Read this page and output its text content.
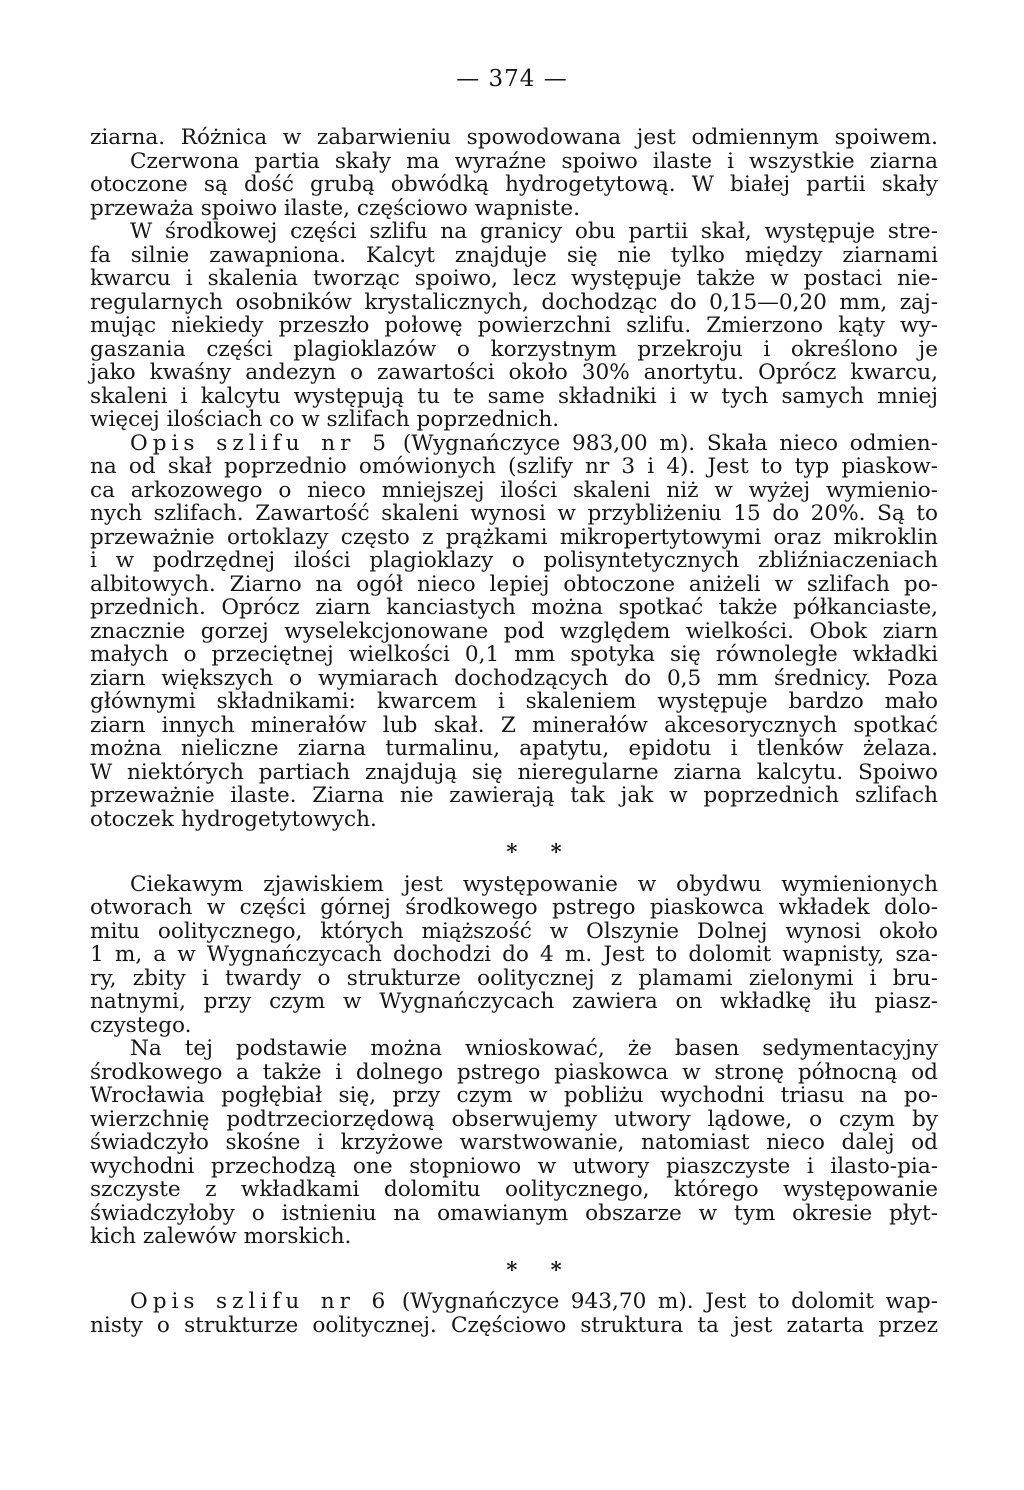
— 374 —
ziarna. Różnica w zabarwieniu spowodowana jest odmiennym spoiwem.
Czerwona partia skały ma wyraźne spoiwo ilaste i wszystkie ziarna
otoczone są dość grubą obwódką hydrogetytową. W białej partii skały
przeważa spoiwo ilaste, częściowo wapniste.
W środkowej części szlifu na granicy obu partii skał, występuje stre-
fa silnie zawapniona. Kalcyt znajduje się nie tylko między ziarnami
kwarcu i skalenia tworząc spoiwo, lecz występuje także w postaci nie-
regularnych osobników krystalicznych, dochodząc do 0,15—0,20 mm, zaj-
mując niekiedy przeszło połowę powierzchni szlifu. Zmierzono kąty wy-
gaszania części plagioklazów o korzystnym przekroju i określono je
jako kwaśny andezyn o zawartości około 30% anortytu. Oprócz kwarcu,
skaleni i kalcytu występują tu te same składniki i w tych samych mniej
więcej ilościach co w szlifach poprzednich.
Opis szlifu nr 5 (Wygnańczyce 983,00 m). Skała nieco odmien-
na od skał poprzednio omówionych (szlify nr 3 i 4). Jest to typ piaskow-
ca arkozowego o nieco mniejszej ilości skaleni niż w wyżej wymienio-
nych szlifach. Zawartość skaleni wynosi w przybliżeniu 15 do 20%. Są to
przeważnie ortoklazy często z prążkami mikropertytowymi oraz mikroklin
i w podrzędnej ilości plagioklazy o polisyntetycznych zbliźniaczeniach
albitowych. Ziarno na ogół nieco lepiej obtoczone aniżeli w szlifach po-
przednich. Oprócz ziarn kanciastych można spotkać także półkanciaste,
znacznie gorzej wyselekcjonowane pod względem wielkości. Obok ziarn
małych o przeciętnej wielkości 0,1 mm spotyka się równoległe wkładki
ziarn większych o wymiarach dochodzących do 0,5 mm średnicy. Poza
głównymi składnikami: kwarcem i skaleniem występuje bardzo mało
ziarn innych minerałów lub skał. Z minerałów akcesorycznych spotkać
można nieliczne ziarna turmalinu, apatytu, epidotu i tlenków żelaza.
W niektórych partiach znajdują się nieregularne ziarna kalcytu. Spoiwo
przeważnie ilaste. Ziarna nie zawierają tak jak w poprzednich szlifach
otoczek hydrogetytowych.
* *
Ciekawym zjawiskiem jest występowanie w obydwu wymienionych
otworach w części górnej środkowego pstrego piaskowca wkładek dolo-
mitu oolitycznego, których miąższość w Olszynie Dolnej wynosi około
1 m, a w Wygnańczycach dochodzi do 4 m. Jest to dolomit wapnisty, sza-
ry, zbity i twardy o strukturze oolitycznej z plamami zielonymi i bru-
natnymi, przy czym w Wygnańczycach zawiera on wkładkę iłu piasz-
czystego.
Na tej podstawie można wnioskować, że basen sedymentacyjny
środkowego a także i dolnego pstrego piaskowca w stronę północną od
Wrocławia pogłębiał się, przy czym w pobliżu wychodni triasu na po-
wierzchnię podtrzeciorzędową obserwujemy utwory lądowe, o czym by
świadczyło skośne i krzyżowe warstwowanie, natomiast nieco dalej od
wychodni przechodzą one stopniowo w utwory piaszczyste i ilasto-pia-
szczyste z wkładkami dolomitu oolitycznego, którego występowanie
świadczyłoby o istnieniu na omawianym obszarze w tym okresie płyt-
kich zalewów morskich.
* *
Opis szlifu nr 6 (Wygnańczyce 943,70 m). Jest to dolomit wap-
nisty o strukturze oolitycznej. Częściowo struktura ta jest zatarta przez
